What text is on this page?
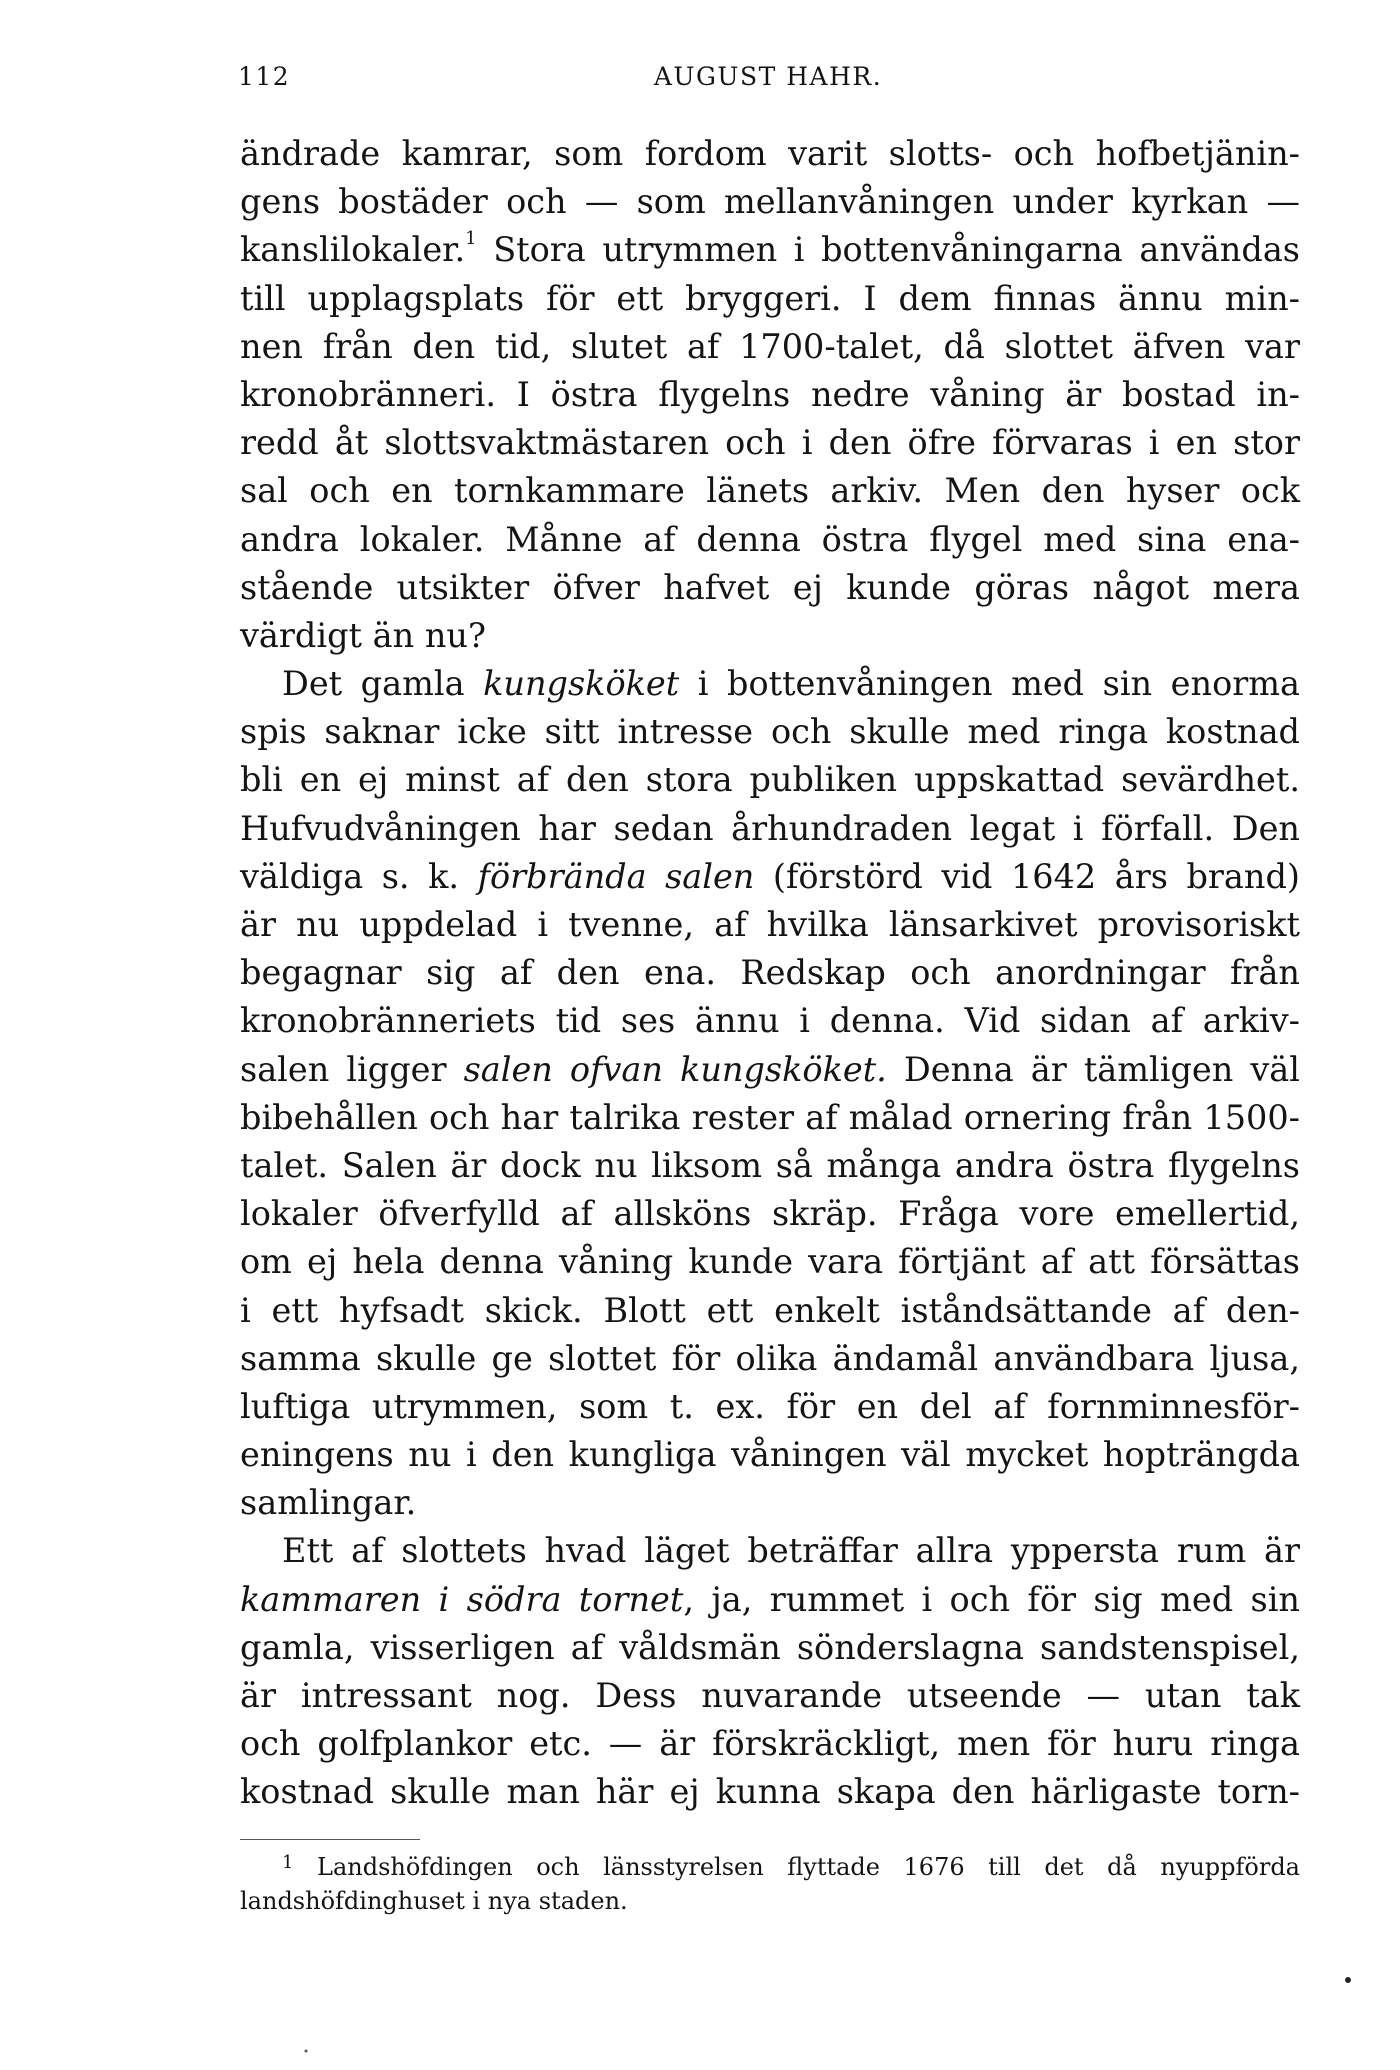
112	AUGUST HAHR.
ändrade kamrar, som fordom varit slotts- och hofbetjänin-
gens bostäder och — som mellanvåningen under kyrkan —
kanslilokaler.$^1$ Stora utrymmen i bottenvåningarna användas
till upplagsplats för ett bryggeri. I dem finnas ännu min-
nen från den tid, slutet af 1700-talet, då slottet äfven var
kronobränneri. I östra flygelns nedre våning är bostad in-
redd åt slottsvaktmästaren och i den öfre förvaras i en stor
sal och en tornkammare länets arkiv. Men den hyser ock
andra lokaler. Månne af denna östra flygel med sina ena-
stående utsikter öfver hafvet ej kunde göras något mera
värdigt än nu?
Det gamla kungsköket i bottenvåningen med sin enorma
spis saknar icke sitt intresse och skulle med ringa kostnad
bli en ej minst af den stora publiken uppskattad sevärdhet.
Hufvudvåningen har sedan århundraden legat i förfall. Den
väldiga s. k. förbrända salen (förstörd vid 1642 års brand)
är nu uppdelad i tvenne, af hvilka länsarkivet provisoriskt
begagnar sig af den ena. Redskap och anordningar från
kronobränneriets tid ses ännu i denna. Vid sidan af arkiv-
salen ligger salen ofvan kungsköket. Denna är tämligen väl
bibehållen och har talrika rester af målad ornering från 1500-
talet. Salen är dock nu liksom så många andra östra flygelns
lokaler öfverfylld af allsköns skräp. Fråga vore emellertid,
om ej hela denna våning kunde vara förtjänt af att försättas
i ett hyfsadt skick. Blott ett enkelt iståndsättande af den-
samma skulle ge slottet för olika ändamål användbara ljusa,
luftiga utrymmen, som t. ex. för en del af fornminnesför-
eningens nu i den kungliga våningen väl mycket hopträngda
samlingar.
Ett af slottets hvad läget beträffar allra yppersta rum är
kammaren i södra tornet, ja, rummet i och för sig med sin
gamla, visserligen af våldsmän sönderslagna sandstenspisel,
är intressant nog. Dess nuvarande utseende — utan tak
och golfplankor etc. — är förskräckligt, men för huru ringa
kostnad skulle man här ej kunna skapa den härligaste torn-
$^1$ Landshöfdingen och länsstyrelsen flyttade 1676 till det då nyuppförda
landshöfdinghuset i nya staden.
